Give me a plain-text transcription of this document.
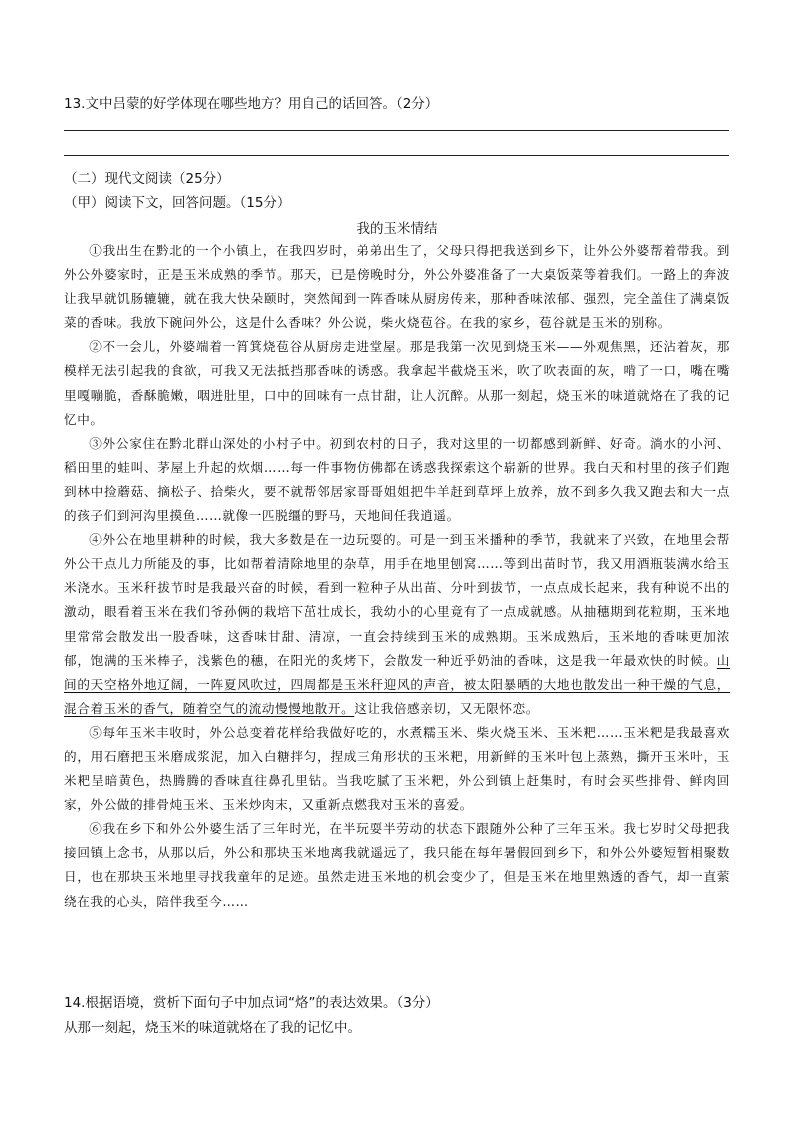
13.文中吕蒙的好学体现在哪些地方？用自己的话回答。（2分）
（二）现代文阅读（25分）
（甲）阅读下文，回答问题。（15分）
我的玉米情结

①我出生在黔北的一个小镇上，在我四岁时，弟弟出生了，父母只得把我送到乡下，让外公外婆帮着带我。到外公外婆家时，正是玉米成熟的季节。那天，已是傍晚时分，外公外婆准备了一大桌饭菜等着我们。一路上的奔波让我早就饥肠辘辘，就在我大快朵颐时，突然闻到一阵香味从厨房传来，那种香味浓郁、强烈，完全盖住了满桌饭菜的香味。我放下碗问外公，这是什么香味？外公说，柴火烧苞谷。在我的家乡，苞谷就是玉米的别称。

②不一会儿，外婆端着一筲箕烧苞谷从厨房走进堂屋。那是我第一次见到烧玉米——外观焦黑，还沾着灰，那模样无法引起我的食欲，可我又无法抵挡那香味的诱惑。我拿起半截烧玉米，吹了吹表面的灰，啃了一口，嘴在嘴里嘎嘣脆，香酥脆嫩，咽进肚里，口中的回味有一点甘甜，让人沉醉。从那一刻起，烧玉米的味道就烙在了我的记忆中。

③外公家住在黔北群山深处的小村子中。初到农村的日子，我对这里的一切都感到新鲜、好奇。淌水的小河、稻田里的蛙叫、茅屋上升起的炊烟……每一件事物仿佛都在诱惑我探索这个崭新的世界。我白天和村里的孩子们跑到林中捡蘑菇、摘松子、拾柴火，要不就帮邻居家哥哥姐姐把牛羊赶到草坪上放养，放不到多久我又跑去和大一点的孩子们到河沟里摸鱼……就像一匹脱缰的野马，天地间任我逍遥。

④外公在地里耕种的时候，我大多数是在一边玩耍的。可是一到玉米播种的季节，我就来了兴致，在地里会帮外公干点儿力所能及的事，比如帮着清除地里的杂草，用手在地里刨窝……等到出苗时节，我又用酒瓶装满水给玉米浇水。玉米秆拔节时是我最兴奋的时候，看到一粒种子从出苗、分叶到拔节，一点点成长起来，我有种说不出的激动，眼看着玉米在我们爷孙俩的栽培下茁壮成长，我幼小的心里竟有了一点成就感。从抽穗期到花粒期，玉米地里常常会散发出一股香味，这香味甘甜、清凉，一直会持续到玉米的成熟期。玉米成熟后，玉米地的香味更加浓郁，饱满的玉米棒子，浅紫色的穗，在阳光的炙烤下，会散发一种近乎奶油的香味，这是我一年最欢快的时候。山间的天空格外地辽阔，一阵夏风吹过，四周都是玉米秆迎风的声音，被太阳暴晒的大地也散发出一种干燥的气息，混合着玉米的香气，随着空气的流动慢慢地散开。这让我倍感亲切，又无限怀恋。

⑤每年玉米丰收时，外公总变着花样给我做好吃的，水煮糯玉米、柴火烧玉米、玉米粑……玉米粑是我最喜欢的，用石磨把玉米磨成浆泥，加入白糖拌匀，捏成三角形状的玉米粑，用新鲜的玉米叶包上蒸熟，撕开玉米叶，玉米粑呈暗黄色，热腾腾的香味直往鼻孔里钻。当我吃腻了玉米粑，外公到镇上赶集时，有时会买些排骨、鲜肉回家，外公做的排骨炖玉米、玉米炒肉末，又重新点燃我对玉米的喜爱。

⑥我在乡下和外公外婆生活了三年时光，在半玩耍半劳动的状态下跟随外公种了三年玉米。我七岁时父母把我接回镇上念书，从那以后，外公和那块玉米地离我就遥远了，我只能在每年暑假回到乡下，和外公外婆短暂相聚数日，也在那块玉米地里寻找我童年的足迹。虽然走进玉米地的机会变少了，但是玉米在地里熟透的香气，却一直萦绕在我的心头，陪伴我至今……

14.根据语境，赏析下面句子中加点词“烙”的表达效果。（3分）
从那一刻起，烧玉米的味道就烙在了我的记忆中。
